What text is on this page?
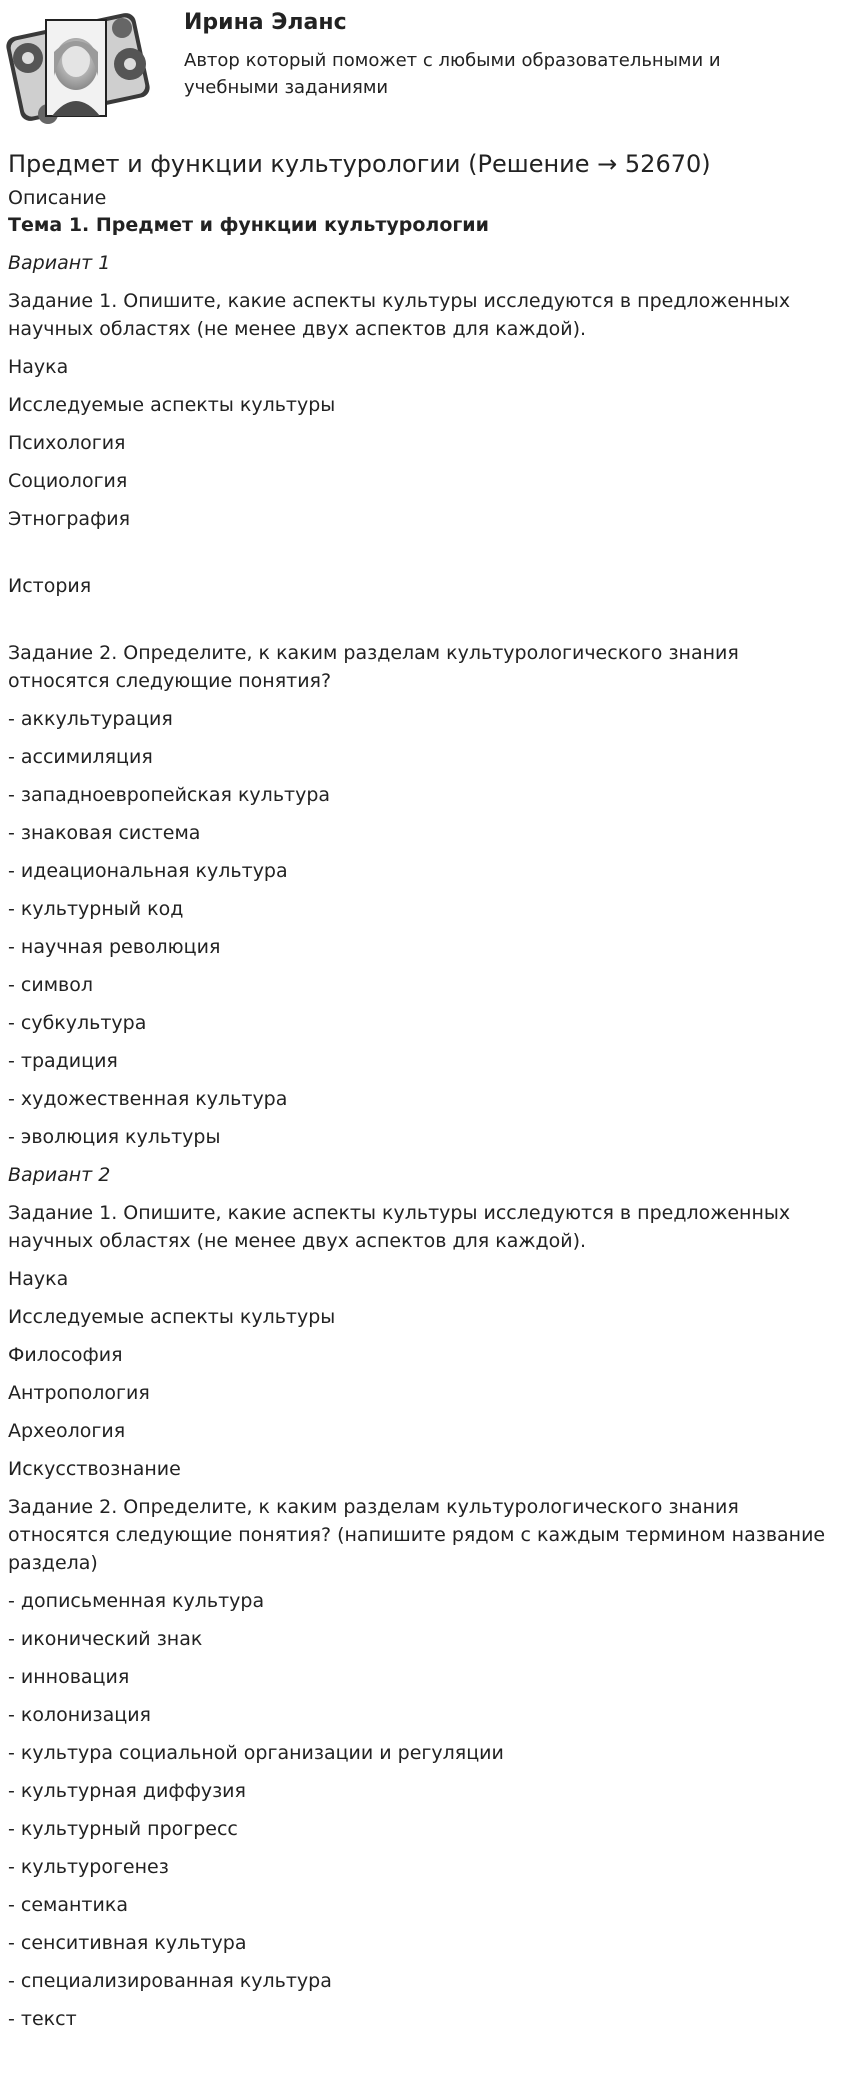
Ирина Эланс
Автор который поможет с любыми образовательными и учебными заданиями
Предмет и функции культурологии (Решение → 52670)
Описание
Тема 1. Предмет и функции культурологии
Вариант 1
Задание 1. Опишите, какие аспекты культуры исследуются в предложенных научных областях (не менее двух аспектов для каждой).
Наука
Исследуемые аспекты культуры
Психология
Социология
Этнография
История
Задание 2. Определите, к каким разделам культурологического знания относятся следующие понятия?
- аккультурация
- ассимиляция
- западноевропейская культура
- знаковая система
- идеациональная культура
- культурный код
- научная революция
- символ
- субкультура
- традиция
- художественная культура
- эволюция культуры
Вариант 2
Задание 1. Опишите, какие аспекты культуры исследуются в предложенных научных областях (не менее двух аспектов для каждой).
Наука
Исследуемые аспекты культуры
Философия
Антропология
Археология
Искусствознание
Задание 2. Определите, к каким разделам культурологического знания относятся следующие понятия? (напишите рядом с каждым термином название раздела)
- дописьменная культура
- иконический знак
- инновация
- колонизация
- культура социальной организации и регуляции
- культурная диффузия
- культурный прогресс
- культурогенез
- семантика
- сенситивная культура
- специализированная культура
- текст
